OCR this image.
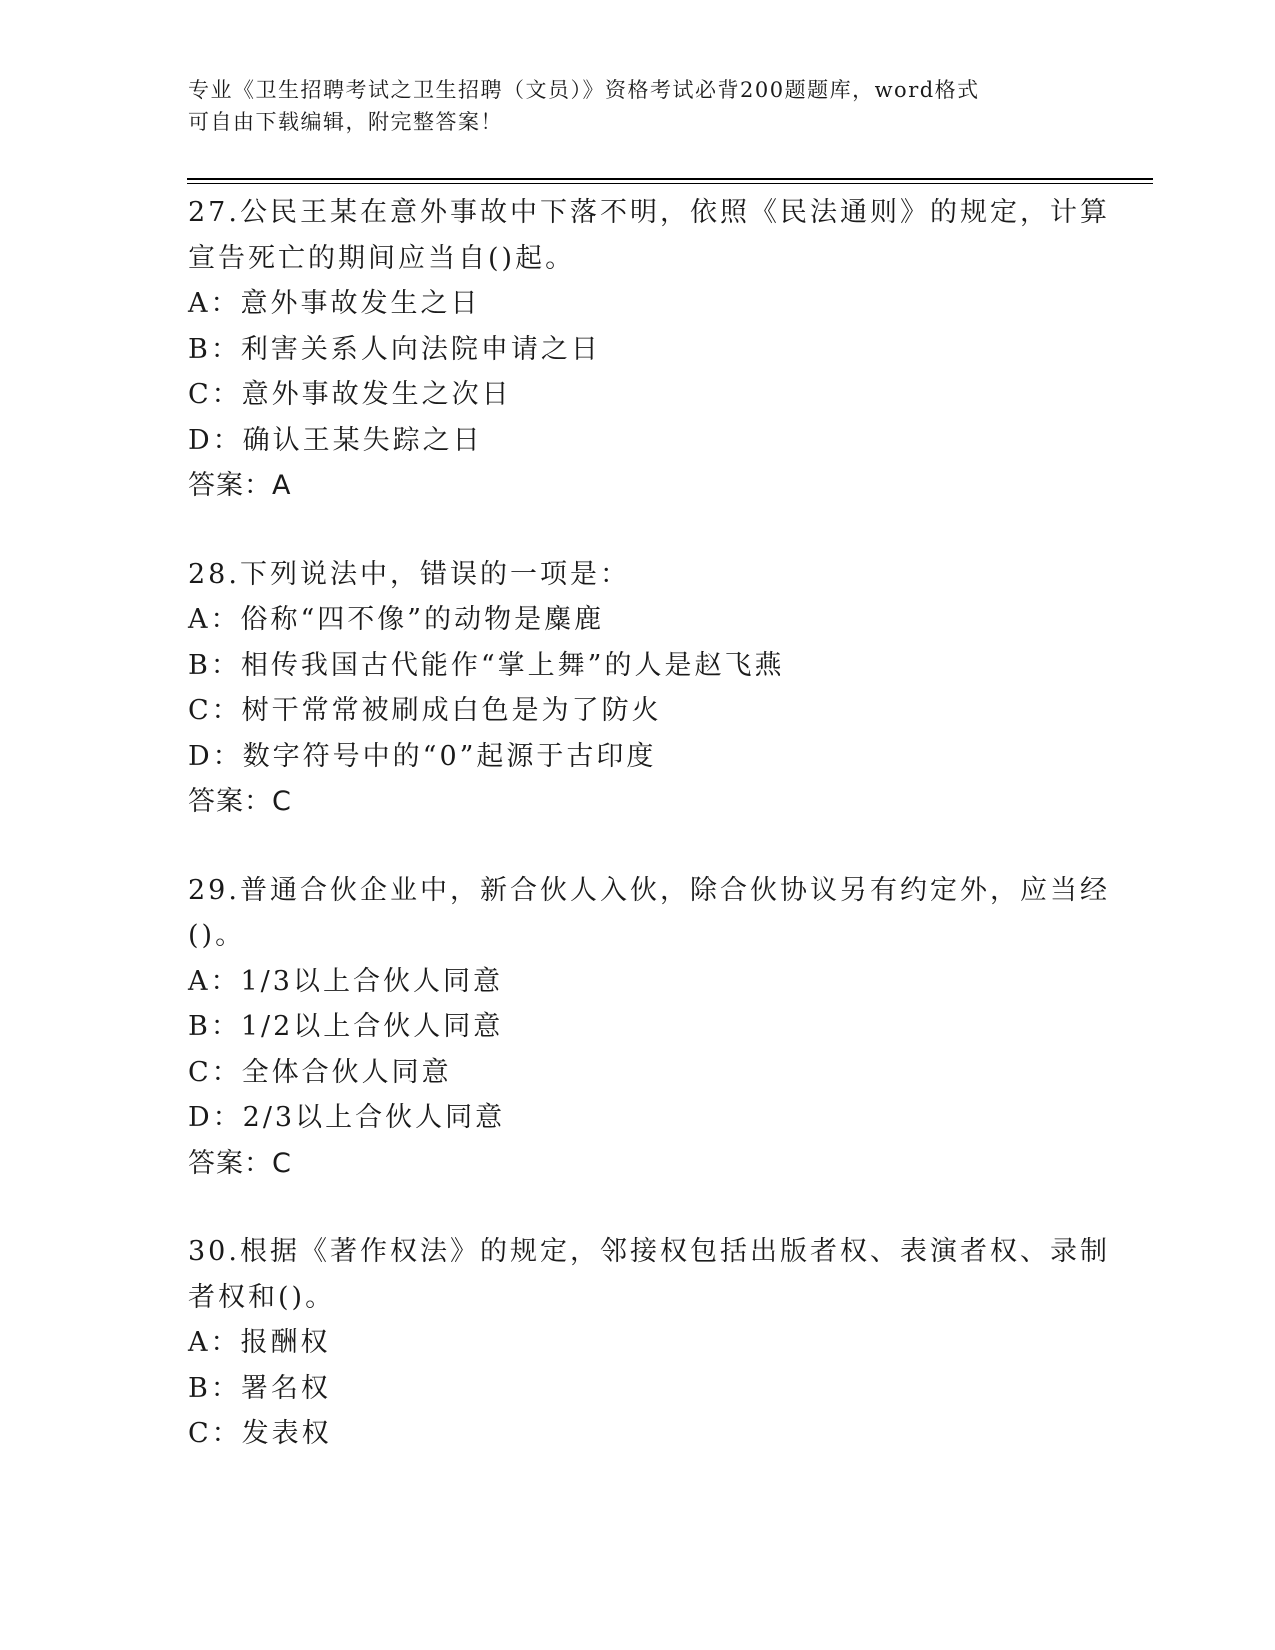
专业《卫生招聘考试之卫生招聘（文员）》资格考试必背200题题库，word格式
可自由下载编辑，附完整答案！
27.公民王某在意外事故中下落不明，依照《民法通则》的规定，计算
宣告死亡的期间应当自()起。
A：意外事故发生之日
B：利害关系人向法院申请之日
C：意外事故发生之次日
D：确认王某失踪之日
答案：A
28.下列说法中，错误的一项是：
A：俗称“四不像”的动物是麋鹿
B：相传我国古代能作“掌上舞”的人是赵飞燕
C：树干常常被刷成白色是为了防火
D：数字符号中的“0”起源于古印度
答案：C
29.普通合伙企业中，新合伙人入伙，除合伙协议另有约定外，应当经
()。
A：1/3以上合伙人同意
B：1/2以上合伙人同意
C：全体合伙人同意
D：2/3以上合伙人同意
答案：C
30.根据《著作权法》的规定，邻接权包括出版者权、表演者权、录制
者权和()。
A：报酬权
B：署名权
C：发表权
